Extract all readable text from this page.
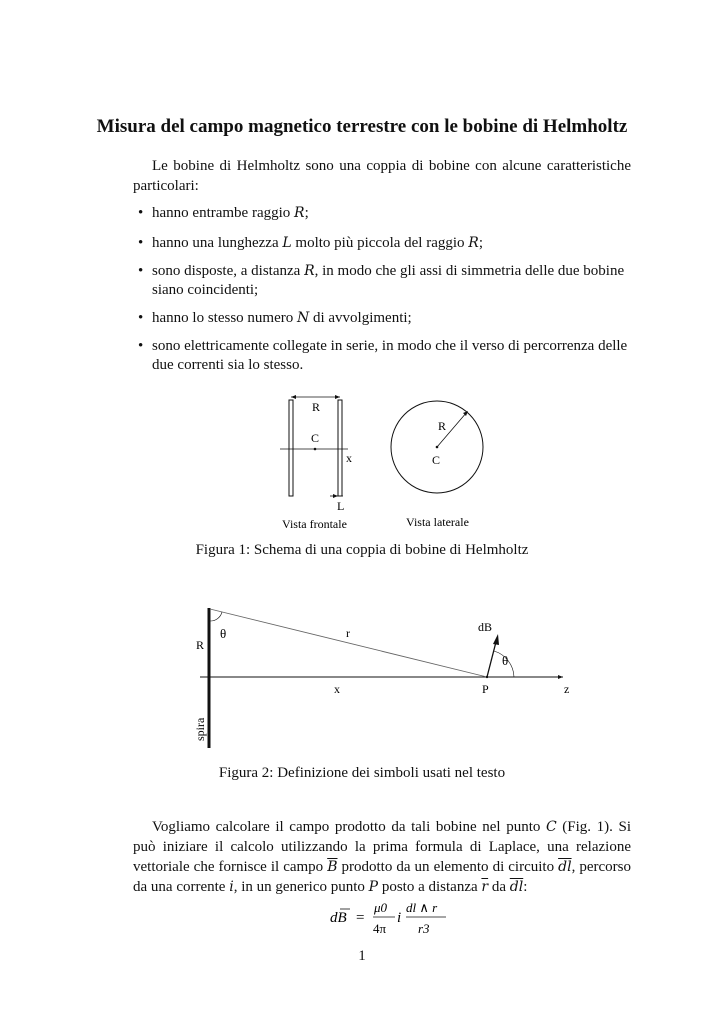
Misura del campo magnetico terrestre con le bobine di Helmholtz
Le bobine di Helmholtz sono una coppia di bobine con alcune caratteristiche particolari:
• hanno entrambe raggio R;
• hanno una lunghezza L molto più piccola del raggio R;
• sono disposte, a distanza R, in modo che gli assi di simmetria delle due bobine siano coincidenti;
• hanno lo stesso numero N di avvolgimenti;
• sono elettricamente collegate in serie, in modo che il verso di percorrenza delle due correnti sia lo stesso.
R
C
x
L
Vista frontale
R
C
Vista laterale
Figura 1: Schema di una coppia di bobine di Helmholtz
θ	r
R
dB
θ
x	P	z
spira
Figura 2: Definizione dei simboli usati nel testo
Vogliamo calcolare il campo prodotto da tali bobine nel punto C (Fig. 1). Si può iniziare il calcolo utilizzando la prima formula di Laplace, una relazione vettoriale che fornisce il campo $\overline{B}$ prodotto da un elemento di circuito $\overline{dl}$, percorso da una corrente i, in un generico punto P posto a distanza $\overline{r}$ da $\overline{dl}$:
dB =
μ0
4π
i
dl ∧ r
r3
1
